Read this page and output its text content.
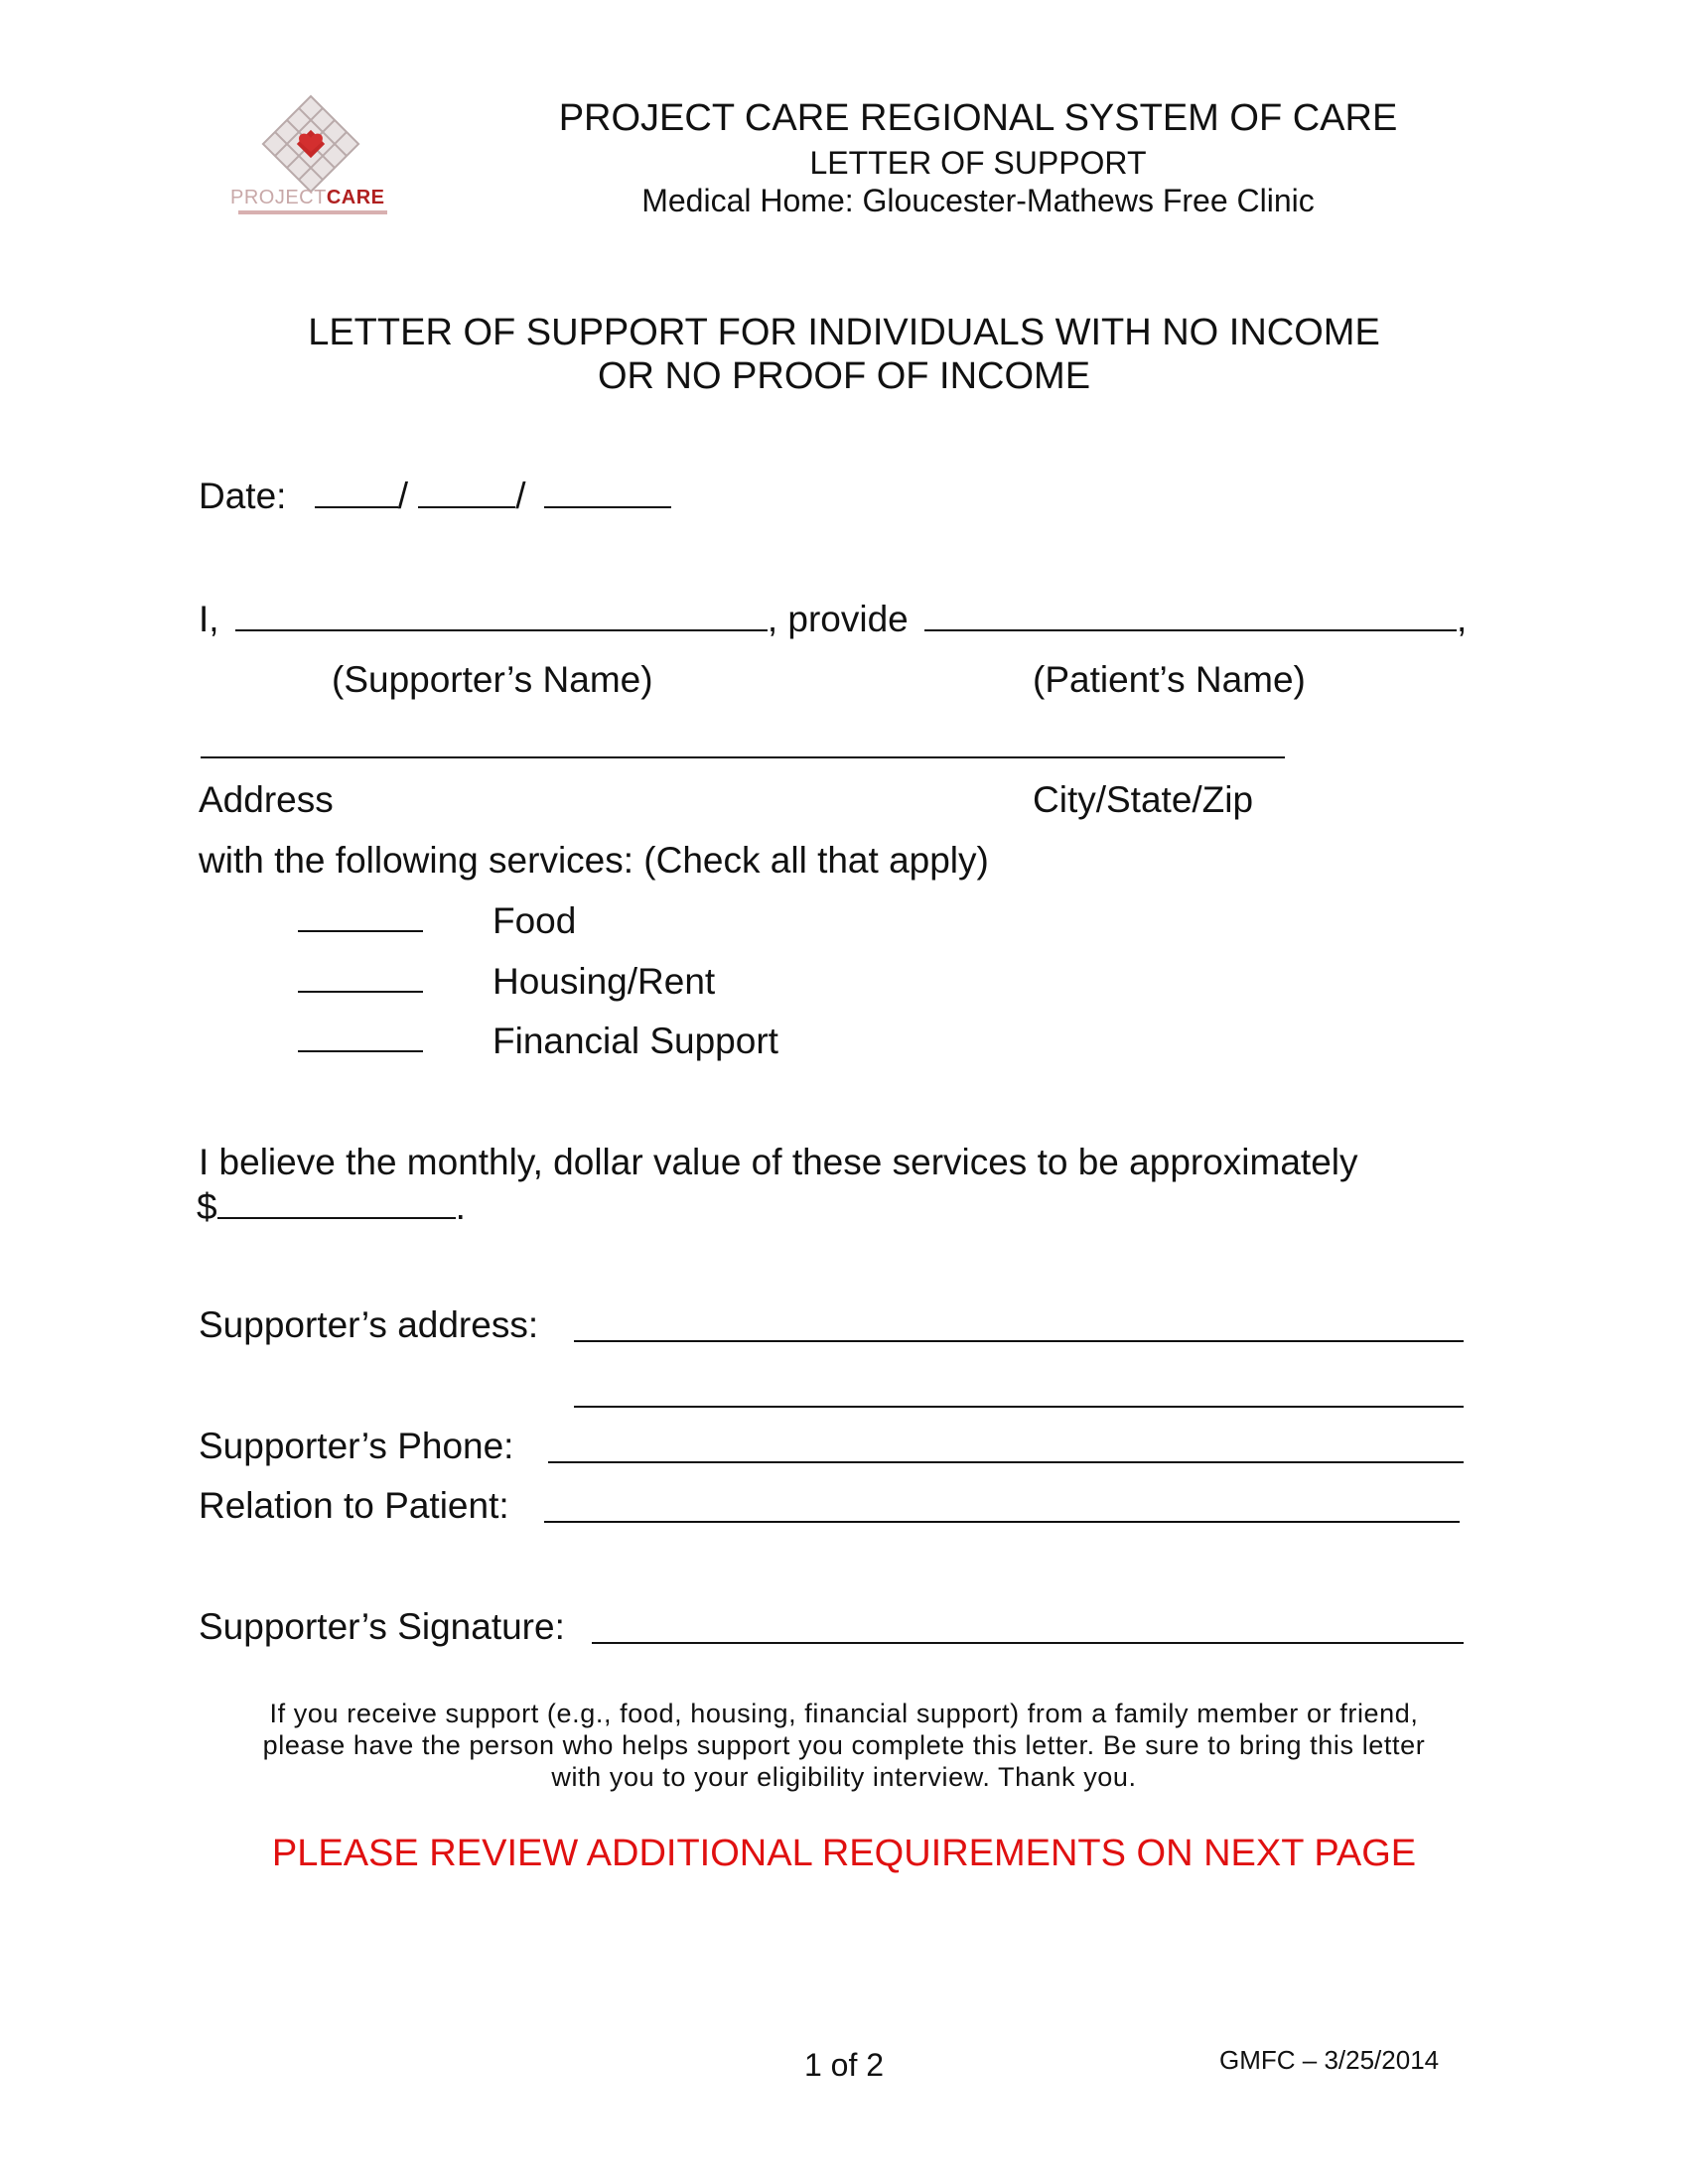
PROJECTCARE
PROJECT CARE REGIONAL SYSTEM OF CARE
LETTER OF SUPPORT
Medical Home: Gloucester-Mathews Free Clinic
LETTER OF SUPPORT FOR INDIVIDUALS WITH NO INCOME
OR NO PROOF OF INCOME
Date:	/	/
I,	, provide	,
(Supporter’s Name)	(Patient’s Name)
Address	City/State/Zip
with the following services: (Check all that apply)
Food
Housing/Rent
Financial Support
I believe the monthly, dollar value of these services to be approximately
$	.
Supporter’s address:
Supporter’s Phone:
Relation to Patient:
Supporter’s Signature:
If you receive support (e.g., food, housing, financial support) from a family member or friend,
please have the person who helps support you complete this letter. Be sure to bring this letter
with you to your eligibility interview. Thank you.
PLEASE REVIEW ADDITIONAL REQUIREMENTS ON NEXT PAGE
1 of 2	GMFC – 3/25/2014
